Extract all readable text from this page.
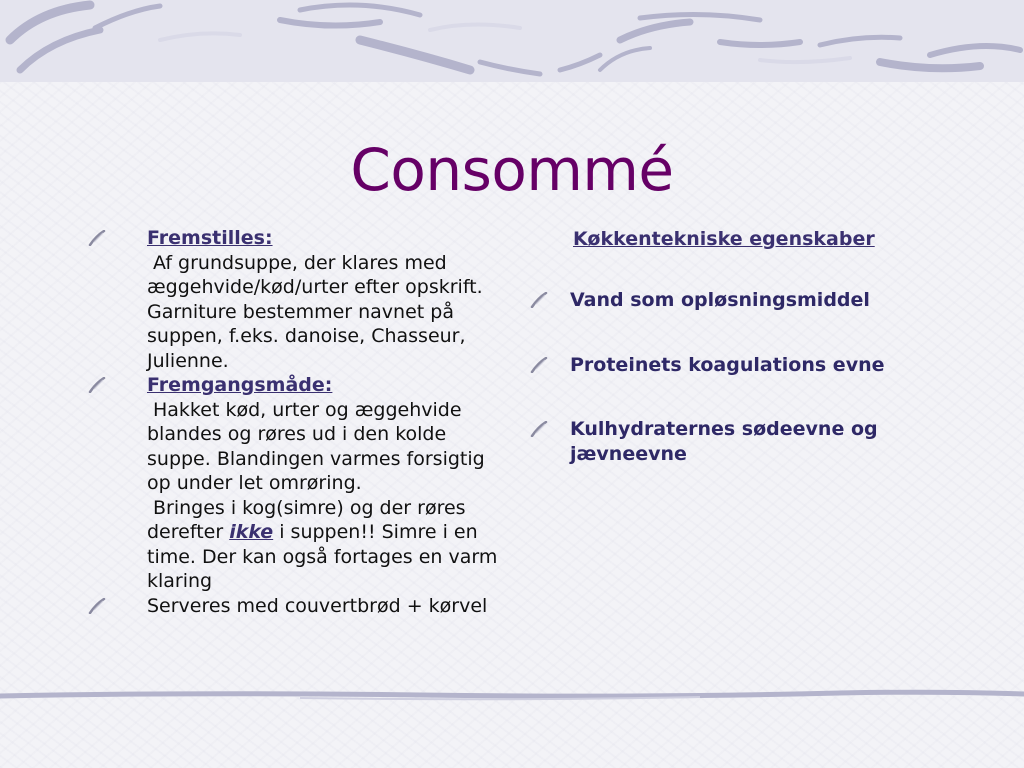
Consommé
Fremstilles:
Af grundsuppe, der klares med æggehvide/kød/urter efter opskrift. Garniture bestemmer navnet på suppen, f.eks. danoise, Chasseur, Julienne.
Fremgangsmåde:
Hakket kød, urter og æggehvide blandes og røres ud i den kolde suppe. Blandingen varmes forsigtig op under let omrøring.
Bringes i kog(simre) og der røres derefter ikke i suppen!! Simre i en time. Der kan også fortages en varm klaring
Serveres med couvertbrød + kørvel
Køkkentekniske egenskaber
Vand som opløsningsmiddel
Proteinets koagulations evne
Kulhydraternes sødeevne og jævneevne
